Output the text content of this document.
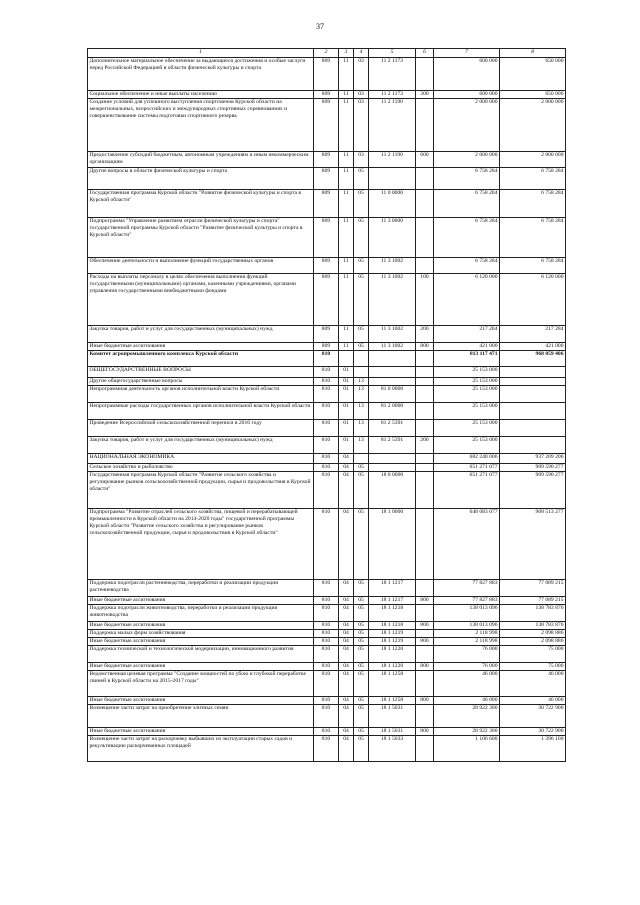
37
1	2	3	4	5	6	7	8
Дополнительное материальное обеспечение за выдающиеся достижения и особые заслуги перед Российской Федерацией в области физической культуры и спорта	809	11	03	11 2 1173		600 000	650 000
Социальное обеспечение и иные выплаты населению	809	11	03	11 2 1173	300	600 000	650 000
Создание условий для успешного выступления спортсменов Курской области на межрегиональных, всероссийских и международных спортивных соревнованиях и совершенствование системы подготовки спортивного резерва	809	11	03	11 2 1190		2 000 000	2 000 000
Предоставление субсидий бюджетным, автономным учреждениям и иным некоммерческим организациям	809	11	03	11 2 1190	600	2 000 000	2 000 000
Другие вопросы в области физической культуры и спорта	809	11	05			6 758 284	6 758 284
Государственная программа Курской области "Развитие физической культуры и спорта в Курской области"	809	11	05	11 0 0000		6 758 284	6 758 284
Подпрограмма "Управление развитием отрасли физической культуры и спорта" государственной программы Курской области "Развитие физической культуры и спорта в Курской области"	809	11	05	11 3 0000		6 758 284	6 758 284
Обеспечение деятельности и выполнение функций государственных органов	809	11	05	11 3 1002		6 758 284	6 758 284
Расходы на выплаты персоналу в целях обеспечения выполнения функций государственными (муниципальными) органами, казенными учреждениями, органами управления государственными внебюджетными фондами	809	11	05	11 3 1002	100	6 120 000	6 120 000
Закупка товаров, работ и услуг для государственных (муниципальных) нужд	809	11	05	11 3 1002	200	217 284	217 284
Иные бюджетные ассигнования	809	11	05	11 3 1002	800	421 000	421 000
Комитет агропромышленного комплекса Курской области	810					813 117 471	968 059 406
ОБЩЕГОСУДАРСТВЕННЫЕ ВОПРОСЫ	810	01				25 153 000	
Другие общегосударственные вопросы	810	01	13			25 153 000	
Непрограммная деятельность органов исполнительной власти Курской области	810	01	13	81 0 0000		25 153 000	
Непрограммные расходы государственных органов исполнительной власти Курской области	810	01	13	81 2 0000		25 153 000	
Проведение Всероссийской сельскохозяйственной переписи в 2016 году	810	01	13	81 2 5391		25 153 000	
Закупка товаров, работ и услуг для государственных (муниципальных) нужд	810	01	13	81 2 5391	200	25 153 000	
НАЦИОНАЛЬНАЯ ЭКОНОМИКА	810	04				682 240 006	937 209 206
Сельское хозяйство и рыболовство	810	04	05			651 271 077	909 590 277
Государственная программа Курской области "Развитие сельского хозяйства и регулирование рынков сельскохозяйственной продукции, сырья и продовольствия в Курской области"	810	04	05	18 0 0000		651 271 077	909 590 277
Подпрограмма "Развитие отраслей сельского хозяйства, пищевой и перерабатывающей промышленности в Курской области на 2014-2020 годы" государственной программы Курской области "Развитие сельского хозяйства и регулирование рынков сельскохозяйственной продукции, сырья и продовольствия в Курской области"	810	04	05	18 1 0000		648 083 077	908 513 277
Поддержка подотрасли растениеводства, переработки и реализации продукции растениеводства	810	04	05	18 1 1217		77 827 883	77 089 215
Иные бюджетные ассигнования	810	04	05	18 1 1217	800	77 827 883	77 089 215
Поддержка подотрасли животноводства, переработки и реализации продукции животноводства	810	04	05	18 1 1218		138 013 096	138 783 876
Иные бюджетные ассигнования	810	04	05	18 1 1218	800	138 013 096	138 783 876
Поддержка малых форм хозяйствования	810	04	05	18 1 1219		2 118 998	2 098 886
Иные бюджетные ассигнования	810	04	05	18 1 1219	800	2 118 998	2 098 886
Поддержка технической и технологической модернизации, инновационного развития	810	04	05	18 1 1220		76 000	75 000
Иные бюджетные ассигнования	810	04	05	18 1 1220	800	76 000	75 000
Ведомственная целевая программа "Создание мощностей по убою и глубокой переработке свиней в Курской области на 2015-2017 годы"	810	04	05	18 1 1258		46 000	46 000
Иные бюджетные ассигнования	810	04	05	18 1 1258	800	46 000	46 000
Возмещение части затрат на приобретение элитных семян	810	04	05	18 1 5031		28 922 300	30 722 900
Иные бюджетные ассигнования	810	04	05	18 1 5031	800	28 922 300	30 722 900
Возмещение части затрат на раскорчевку выбывших из эксплуатации старых садов и рекультивацию раскорчеванных площадей	810	04	05	18 1 5033		1 106 600	1 396 100
